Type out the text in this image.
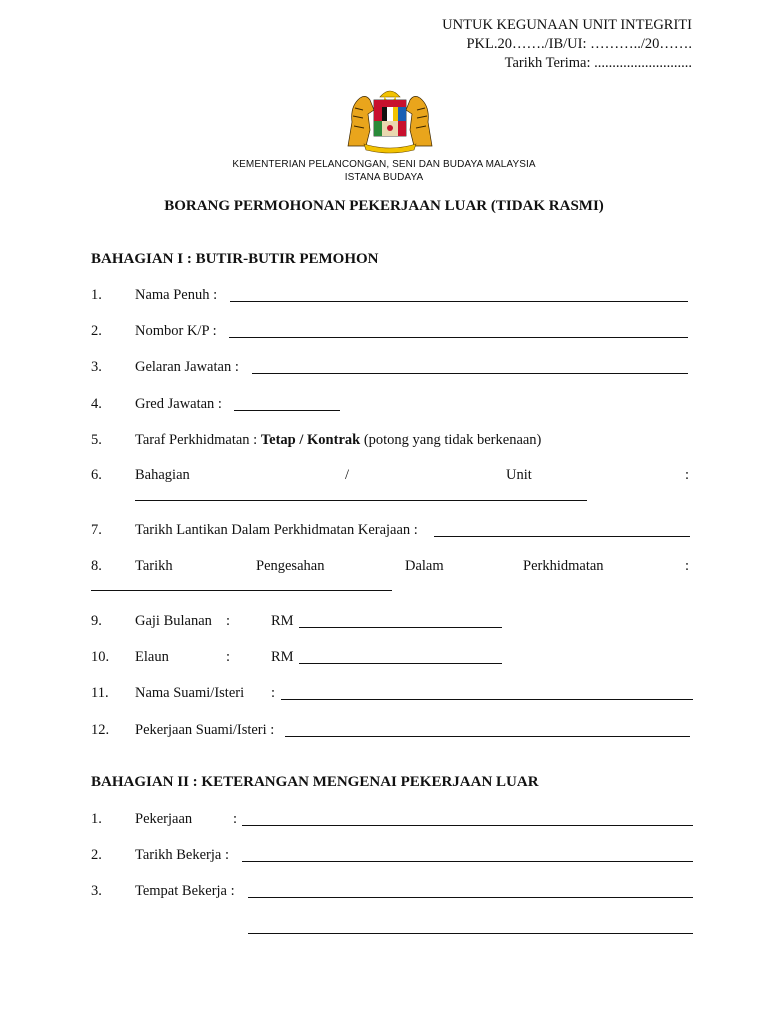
UNTUK KEGUNAAN UNIT INTEGRITI
PKL.20……./IB/UI: ………../20…….
Tarikh Terima: ...........................
KEMENTERIAN PELANCONGAN, SENI DAN BUDAYA MALAYSIA
ISTANA BUDAYA
BORANG PERMOHONAN PEKERJAAN LUAR (TIDAK RASMI)
BAHAGIAN I : BUTIR-BUTIR PEMOHON
1. Nama Penuh :
2. Nombor K/P :
3. Gelaran Jawatan :
4. Gred Jawatan :
5. Taraf Perkhidmatan : Tetap / Kontrak (potong yang tidak berkenaan)
6. Bahagian	/	Unit	:
7. Tarikh Lantikan Dalam Perkhidmatan Kerajaan :
8. Tarikh	Pengesahan	Dalam	Perkhidmatan	:
9. Gaji Bulanan :	RM
10. Elaun	:	RM
11. Nama Suami/Isteri :
12. Pekerjaan Suami/Isteri :
BAHAGIAN II : KETERANGAN MENGENAI PEKERJAAN LUAR
1. Pekerjaan	:
2. Tarikh Bekerja :
3. Tempat Bekerja :
